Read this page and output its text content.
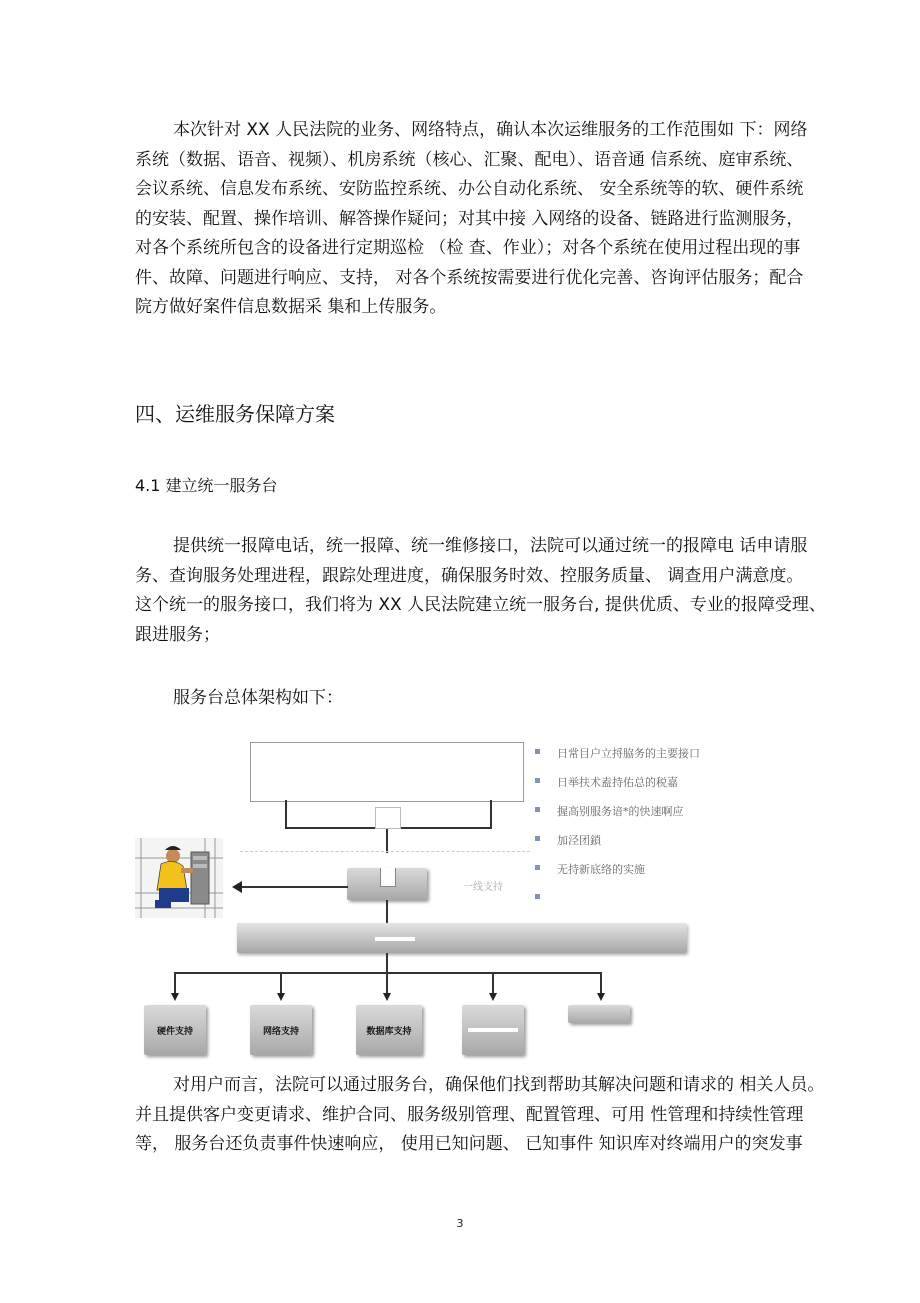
本次针对 XX 人民法院的业务、网络特点，确认本次运维服务的工作范围如 下：网络
系统（数据、语音、视频）、机房系统（核心、汇聚、配电）、语音通 信系统、庭审系统、
会议系统、信息发布系统、安防监控系统、办公自动化系统、 安全系统等的软、硬件系统
的安装、配置、操作培训、解答操作疑问；对其中接 入网络的设备、链路进行监测服务，
对各个系统所包含的设备进行定期巡检 （检 查、作业）；对各个系统在使用过程出现的事
件、故障、问题进行响应、支持， 对各个系统按需要进行优化完善、咨询评估服务；配合
院方做好案件信息数据采 集和上传服务。
四、运维服务保障方案
4.1 建立统一服务台
提供统一报障电话，统一报障、统一维修接口，法院可以通过统一的报障电 话申请服
务、查询服务处理进程，跟踪处理进度，确保服务时效、控服务质量、 调查用户满意度。
这个统一的服务接口，我们将为 XX 人民法院建立统一服务台, 提供优质、专业的报障受理、
跟进服务；

服务台总体架构如下：

一线支持
硬件支持	网络支持	数据库支持
日常目户立捋脇务的主要接口
日举扶术盍持佑总的税嘉
握高别服务谙*的快速啊应
加泾团鎖
无持新底络的实施
对用户而言，法院可以通过服务台，确保他们找到帮助其解决问题和请求的 相关人员。
并且提供客户变更请求、维护合同、服务级别管理、配置管理、可用 性管理和持续性管理
等， 服务台还负责事件快速响应， 使用已知问题、 已知事件 知识库对终端用户的突发事
3
